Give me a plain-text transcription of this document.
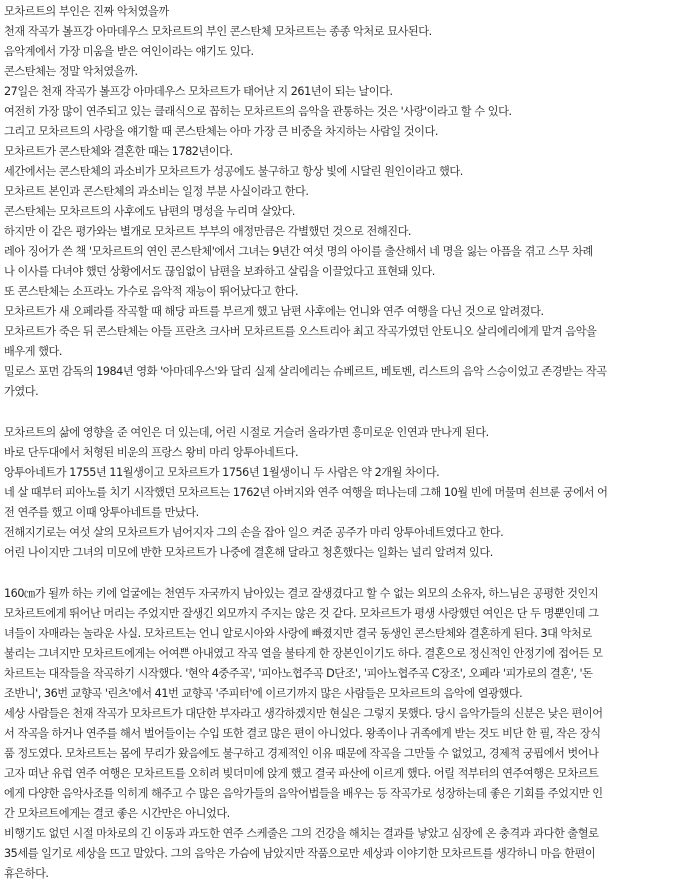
모차르트의 부인은 진짜 악처였을까
천재 작곡가 볼프강 아마데우스 모차르트의 부인 콘스탄체 모차르트는 종종 악처로 묘사된다.
음악계에서 가장 미움을 받은 여인이라는 얘기도 있다.
콘스탄체는 정말 악처였을까.
27일은 천재 작곡가 볼프강 아마데우스 모차르트가 태어난 지 261년이 되는 날이다.
여전히 가장 많이 연주되고 있는 클래식으로 꼽히는 모차르트의 음악을 관통하는 것은 '사랑'이라고 할 수 있다.
그리고 모차르트의 사랑을 얘기할 때 콘스탄체는 아마 가장 큰 비중을 차지하는 사람일 것이다.
모차르트가 콘스탄체와 결혼한 때는 1782년이다.
세간에서는 콘스탄체의 과소비가 모차르트가 성공에도 불구하고 항상 빛에 시달린 원인이라고 했다.
모차르트 본인과 콘스탄체의 과소비는 일정 부분 사실이라고 한다.
콘스탄체는 모차르트의 사후에도 남편의 명성을 누리며 살았다.
하지만 이 같은 평가와는 별개로 모차르트 부부의 애정만큼은 각별했던 것으로 전해진다.
레아 징어가 쓴 책 '모차르트의 연인 콘스탄체'에서 그녀는 9년간 여섯 명의 아이를 출산해서 네 명을 잃는 아픔을 겪고 스무 차례
나 이사를 다녀야 했던 상황에서도 끊임없이 남편을 보좌하고 살림을 이끌었다고 표현돼 있다.
또 콘스탄체는 소프라노 가수로 음악적 재능이 뛰어났다고 한다.
모차르트가 새 오페라를 작곡할 때 해당 파트를 부르게 했고 남편 사후에는 언니와 연주 여행을 다닌 것으로 알려졌다.
모차르트가 죽은 뒤 콘스탄체는 아들 프란츠 크사버 모차르트를 오스트리아 최고 작곡가였던 안토니오 살리에리에게 맡겨 음악을
배우게 했다.
밀로스 포먼 감독의 1984년 영화 '아마데우스'와 달리 실제 살리에리는 슈베르트, 베토벤, 리스트의 음악 스승이었고 존경받는 작곡
가였다.
모차르트의 삶에 영향을 준 여인은 더 있는데, 어린 시절로 거슬러 올라가면 흥미로운 인연과 만나게 된다.
바로 단두대에서 처형된 비운의 프랑스 왕비 마리 앙투아네트다.
앙투아네트가 1755년 11월생이고 모차르트가 1756년 1월생이니 두 사람은 약 2개월 차이다.
네 살 때부터 피아노를 치기 시작했던 모차르트는 1762년 아버지와 연주 여행을 떠나는데 그해 10월 빈에 머물며 쇤브룬 궁에서 어
전 연주를 했고 이때 앙투아네트를 만났다.
전해지기로는 여섯 살의 모차르트가 넘어지자 그의 손을 잡아 일으 켜준 공주가 마리 앙투아네트였다고 한다.
어린 나이지만 그녀의 미모에 반한 모차르트가 나중에 결혼해 달라고 청혼했다는 일화는 널리 알려져 있다.
160㎝가 될까 하는 키에 얼굴에는 천연두 자국까지 남아있는 결코 잘생겼다고 할 수 없는 외모의 소유자, 하느님은 공평한 것인지
모차르트에게 뛰어난 머리는 주었지만 잘생긴 외모까지 주지는 않은 것 같다. 모차르트가 평생 사랑했던 여인은 단 두 명뿐인데 그
녀들이 자매라는 놀라운 사실. 모차르트는 언니 알로시아와 사랑에 빠졌지만 결국 동생인 콘스탄체와 결혼하게 된다. 3대 악처로
불리는 그녀지만 모차르트에게는 어여쁜 아내였고 작곡 열을 불타게 한 장본인이기도 하다. 결혼으로 정신적인 안정기에 접어든 모
차르트는 대작들을 작곡하기 시작했다. '현악 4중주곡', '피아노협주곡 D단조', '피아노협주곡 C장조', 오페라 '피가로의 결혼', '돈
조반니', 36번 교향곡 '린츠'에서 41번 교향곡 '주피터'에 이르기까지 많은 사람들은 모차르트의 음악에 열광했다.
세상 사람들은 천재 작곡가 모차르트가 대단한 부자라고 생각하겠지만 현실은 그렇지 못했다. 당시 음악가들의 신분은 낮은 편이어
서 작곡을 하거나 연주를 해서 벌어들이는 수입 또한 결코 많은 편이 아니었다. 왕족이나 귀족에게 받는 것도 비단 한 필, 작은 장식
품 정도였다. 모차르트는 몸에 무리가 왔음에도 불구하고 경제적인 이유 때문에 작곡을 그만둘 수 없었고, 경제적 궁핍에서 벗어나
고자 떠난 유럽 연주 여행은 모차르트를 오히려 빚더미에 앉게 했고 결국 파산에 이르게 했다. 어릴 적부터의 연주여행은 모차르트
에게 다양한 음악사조를 익히게 해주고 수 많은 음악가들의 음악어법들을 배우는 등 작곡가로 성장하는데 좋은 기회를 주었지만 인
간 모차르트에게는 결코 좋은 시간만은 아니었다.
비행기도 없던 시절 마차로의 긴 이동과 과도한 연주 스케줄은 그의 건강을 해치는 결과를 낳았고 심장에 온 충격과 과다한 출혈로
35세를 일기로 세상을 뜨고 말았다. 그의 음악은 가슴에 남았지만 작품으로만 세상과 이야기한 모차르트를 생각하니 마음 한편이
휴은하다.
